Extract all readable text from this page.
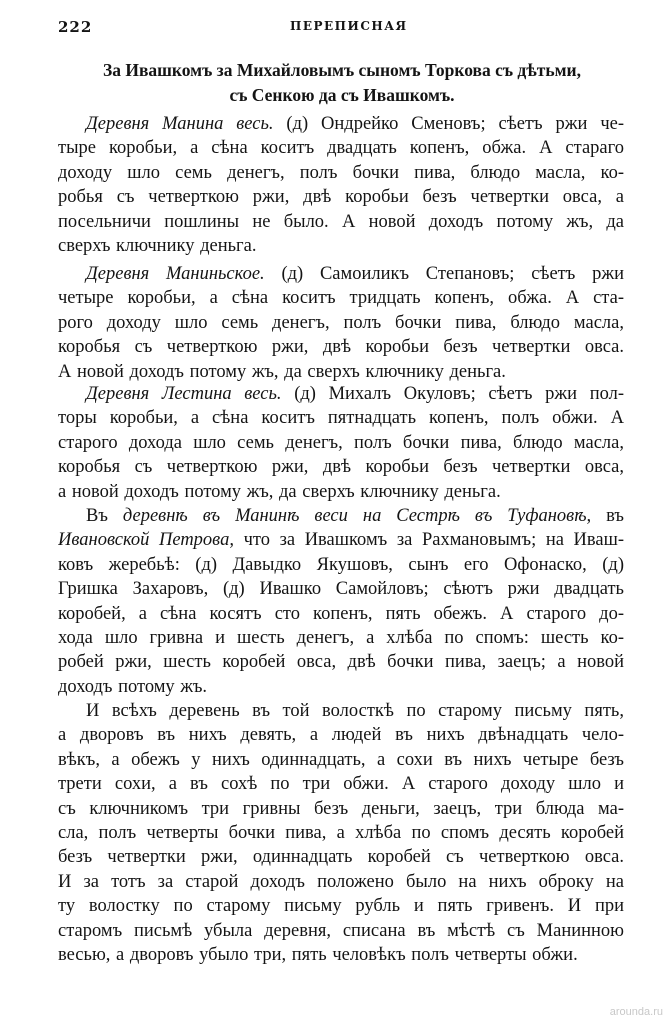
222	ПЕРЕПИСНАЯ
За Ивашкомъ за Михайловымъ сыномъ Торкова съ дѣтьми,
съ Сенкою да съ Ивашкомъ.
Деревня Манина весь. (д) Ондрейко Сменовъ; сѣетъ ржи че-
тыре коробьи, а сѣна коситъ двадцать копенъ, обжа. А стараго
доходу шло семь денегъ, полъ бочки пива, блюдо масла, ко-
робья съ четверткою ржи, двѣ коробьи безъ четвертки овса, а
посельничи пошлины не было. А новой доходъ потому жъ, да
сверхъ ключнику деньга.
Деревня Маниньское. (д) Самоиликъ Степановъ; сѣетъ ржи
четыре коробьи, а сѣна коситъ тридцать копенъ, обжа. А ста-
рого доходу шло семь денегъ, полъ бочки пива, блюдо масла,
коробья съ четверткою ржи, двѣ коробьи безъ четвертки овса.
А новой доходъ потому жъ, да сверхъ ключнику деньга.
Деревня Лестина весь. (д) Михалъ Окуловъ; сѣетъ ржи пол-
торы коробьи, а сѣна коситъ пятнадцать копенъ, полъ обжи. А
старого дохода шло семь денегъ, полъ бочки пива, блюдо масла,
коробья съ четверткою ржи, двѣ коробьи безъ четвертки овса,
а новой доходъ потому жъ, да сверхъ ключнику деньга.
Въ деревнѣ въ Манинѣ веси на Сестрѣ въ Туфановѣ, въ
Ивановской Петрова, что за Ивашкомъ за Рахмановымъ; на Иваш-
ковъ жеребьѣ: (д) Давыдко Якушовъ, сынъ его Офонаско, (д)
Гришка Захаровъ, (д) Ивашко Самойловъ; сѣютъ ржи двадцать
коробей, а сѣна косятъ сто копенъ, пять обежъ. А старого до-
хода шло гривна и шесть денегъ, а хлѣба по спомъ: шесть ко-
робей ржи, шесть коробей овса, двѣ бочки пива, заецъ; а новой
доходъ потому жъ.
И всѣхъ деревень въ той волосткѣ по старому письму пять,
а дворовъ въ нихъ девять, а людей въ нихъ двѣнадцать чело-
вѣкъ, а обежъ у нихъ одиннадцать, а сохи въ нихъ четыре безъ
трети сохи, а въ сохѣ по три обжи. А старого доходу шло и
съ ключникомъ три гривны безъ деньги, заецъ, три блюда ма-
сла, полъ четверты бочки пива, а хлѣба по спомъ десять коробей
безъ четвертки ржи, одиннадцать коробей съ четверткою овса.
И за тотъ за старой доходъ положено было на нихъ оброку на
ту волостку по старому письму рубль и пять гривенъ. И при
старомъ письмѣ убыла деревня, списана въ мѣстѣ съ Манинною
весью, а дворовъ убыло три, пять человѣкъ полъ четверты обжи.
arounda.ru
